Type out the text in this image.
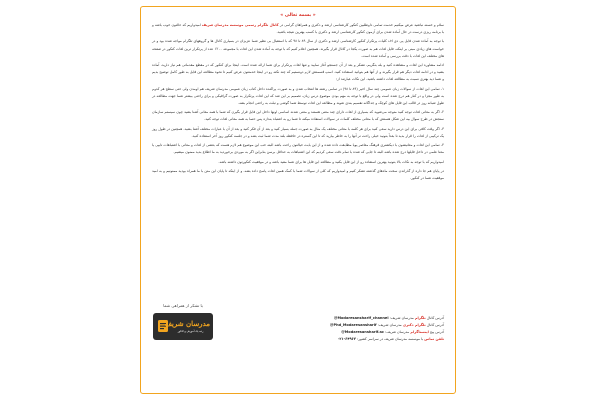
« بسمه تعالی »

سلام و خسته نباشید عرض میکنیم خدمت تمامی داوطلبین کنکور کارشناسی ارشد و دکتری و همراهان گرامی در کانال تلگرام رسمی موسسه مدرسان شریف امیدواریم که حالتون خوب باشه و با برنامه ریزی درست در حال آماده شدن برای آزمون کنکور کارشناسی ارشد و دکتری با کسب بهترین نتیجه باشید.

با توجه به آماده شدن فایل پی دی اف کلیات پرتکرار کنکور کارشناسی ارشد و دکتری از سال ۸۹ تا ۹۸ که با استقبال بی نظیر شما عزیزان در بسیاری کانال ها و گروههای تلگرام مواجه شده بود و در خواست های زیادی مبنی بر اینکه، فایل لغات هم به صورت یکجا در کانال قرار بگیرند. همچنین اعلام کنیم که با توجه به آماده شدن این لغات با مجموعه ۱۲۰۰ عدد از پرتکرار ترین لغات کنکور در صفحه های مختلف این لغات با دقت بررسی و آماده شده است.

ادامه مشاوره این لغات و مشاهده کنید و بله بنگریم، تشکر و بعد از آن جستجو آغاز نمایید و تنها لغات پرتکرار برای شما ارائه شده است. اینجا برای کنکور که در مقطع مقدماتی هم نیاز دارید، آماده بشید و در ادامه لغات دیگر هم قرار بگیرند و از آنها هم بتوانید استفاده کنید. اسپ قسمتش لازم دونستیم که چند نکته رو در اینجا خدمتتون عرض کنیم تا نحوه مطالعه این فایل به طور کامل توضیح بدیم و شما دید بهتری نسبت به مطالعه لغات داشته باشید. این نکات عبارتند از:

۱- تمامی این لغات از سوالات زبان عمومی چند سال اخیر (۸۹ تا ۹۸) در تمامی رشته ها انتخاب شدن و به صورت پراکنده داخل کتاب زبان عمومی مدرسان شریف هم اومدن ولی حتی سطح هر کدوم به طور مجزا و در کنار هم درج شده است ولی در واقع با توجه به مهم بودن موضوع درس زبان، تصمیم بر این شد که این لغات پرتکرار به صورت گرافیکی و برای راحتی بیشتر شما جهت مطالعه در طول شبانه روز در قالب این فایل های کوچک و جداگانه تقسیم بندی شوند و مطالعه این لغات توسط شما گوشی و تبلت به راحتی انجام بشه.

۲- اگر به معانی لغات توجه کنید متوجه می‌شوید که بسیاری از لغات دارای چند معنی هستند و معنی شدند اساسی اونها داخل این فایل قرار بگیرن که شما با همه معانی آشنا بشید چون سیستم سازمان سنجش در طرح سوال بیه این شکل هستش که با معانی مختلف کلمات در سوالات استفاده میکنه تا شما رو به اشتباه بندازه پس حتما به همه معانی لغات توجه کنید.

۳- اگر وقت کافی برای این درس دارید سعی کنید برای هر کلمه با معانی مختلف یک مثال به صورت جمله بسیار کنید و بعد از آن فکر کنید و بعد از آن با عبارات مختلف آشنا بشید. همچنین در طول روز یک ترکیبی از لغات را قرار بدید تا بعداً بتونید خیلی راحت تر آنها را به خاطر بیارید که تا این گستره در حافظه بلند مدت شما ثبت بشه و در جلسه کنکور روز آخر استفاده کنید.

۴- تمامی این لغات و معانیشون با دیکشنری فرهنگ معاصر پویا مطابقت داده شده و از این بابت خیالتون راحت باشه البته خب این موضوع هم لازم هست که بعضی از لغات و معانی با اشتباهات تایپی یا معنا علمی در داخل فایلها درج شده باشه البته تا جایی که شده با تمام دقت سعی کردیم که این اشتباهات به حداقل برسن بنابراین اگر به موردی برخوردید به ما اطلاع بدید ممنون میشیم.

امیدواریم که با توجه به نکات بالا بتونید بهترین استفاده رو از این فایل بکنید و مطالعه این فایل ها برای شما مفید باشه و در موفقیت کنکورتون داشته باشه.

در پایان هم جا داره از گذراندن سخت ماه‌های گذشته تشکر کنیم و امیدواریم که کلی از سوالات شما با کمک همین لغات پاسخ داده بشه. و از اینکه تا پایان این متن با ما همراه بودید ممنونیم و به امید موفقیت شما در کنکور.

با تشکر از همراهی شما
مدرسان شریف
رتبه یک آموزش و کنکور
آدرس کانال تلگرام مدرسان شریف: @Modaresansharif_channel
آدرس کانال تلگرام دکتری مدرسان شریف: @Phd_Modaresansharif
آدرس پیج اینستاگرام مدرسان شریف: @Modaresansharif.ac
تلفن تماس با موسسه مدرسان شریف در سراسر کشور: ۰۲۱-۶۴۹۶۳
